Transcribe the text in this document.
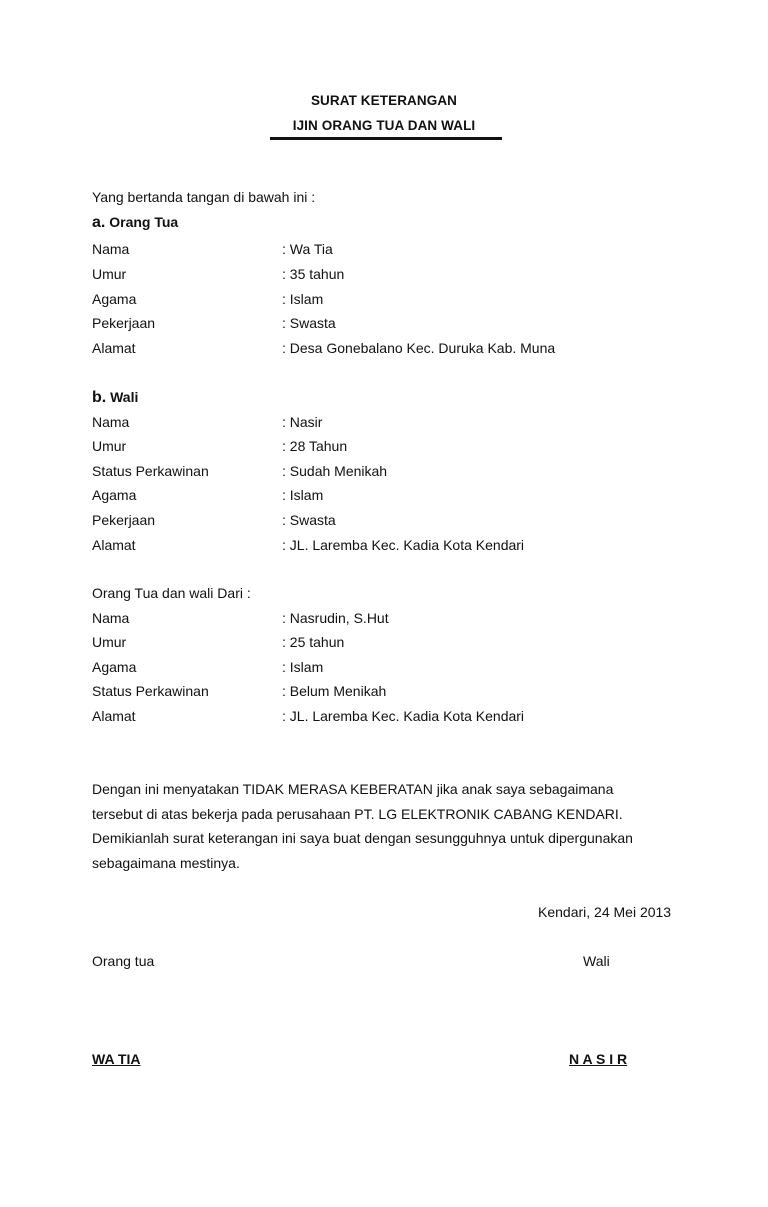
SURAT KETERANGAN
IJIN ORANG TUA DAN WALI
Yang bertanda tangan di bawah ini :
a. Orang Tua
Nama	: Wa Tia
Umur	: 35 tahun
Agama	: Islam
Pekerjaan	: Swasta
Alamat	: Desa Gonebalano Kec. Duruka Kab. Muna
b. Wali
Nama	: Nasir
Umur	: 28 Tahun
Status Perkawinan	: Sudah Menikah
Agama	: Islam
Pekerjaan	: Swasta
Alamat	: JL. Laremba Kec. Kadia Kota Kendari
Orang Tua dan wali Dari :
Nama	: Nasrudin, S.Hut
Umur	: 25 tahun
Agama	: Islam
Status Perkawinan	: Belum Menikah
Alamat	: JL. Laremba Kec. Kadia Kota Kendari
Dengan ini menyatakan TIDAK MERASA KEBERATAN jika anak saya sebagaimana
tersebut di atas bekerja pada perusahaan PT. LG ELEKTRONIK CABANG KENDARI.
Demikianlah surat keterangan ini saya buat dengan sesungguhnya untuk dipergunakan
sebagaimana mestinya.
Kendari, 24 Mei 2013
Orang tua	Wali
WA TIA	N A S I R
